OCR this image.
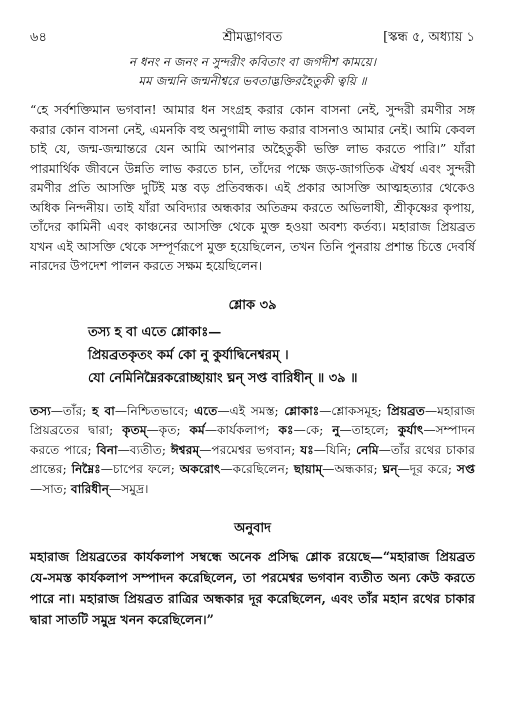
৬৪	শ্রীমদ্ভাগবত	[স্কন্ধ ৫, অধ্যায় ১
ন ধনং ন জনং ন সুন্দরীং কবিতাং বা জগদীশ কাময়ে।
মম জন্মনি জন্মনীশ্বরে ভবতাদ্ভক্তিরহৈতুকী ত্বয়ি ॥
“হে সর্বশক্তিমান ভগবান! আমার ধন সংগ্রহ করার কোন বাসনা নেই, সুন্দরী রমণীর সঙ্গ করার কোন বাসনা নেই, এমনকি বহু অনুগামী লাভ করার বাসনাও আমার নেই। আমি কেবল চাই যে, জন্ম-জন্মান্তরে যেন আমি আপনার অহৈতুকী ভক্তি লাভ করতে পারি।” যাঁরা পারমার্থিক জীবনে উন্নতি লাভ করতে চান, তাঁদের পক্ষে জড়-জাগতিক ঐশ্বর্য এবং সুন্দরী রমণীর প্রতি আসক্তি দুটিই মস্ত বড় প্রতিবন্ধক। এই প্রকার আসক্তি আত্মহত্যার থেকেও অধিক নিন্দনীয়। তাই যাঁরা অবিদ্যার অন্ধকার অতিক্রম করতে অভিলাষী, শ্রীকৃষ্ণের কৃপায়, তাঁদের কামিনী এবং কাঞ্চনের আসক্তি থেকে মুক্ত হওয়া অবশ্য কর্তব্য। মহারাজ প্রিয়ব্রত যখন এই আসক্তি থেকে সম্পূর্ণরূপে মুক্ত হয়েছিলেন, তখন তিনি পুনরায় প্রশান্ত চিত্তে দেবর্ষি নারদের উপদেশ পালন করতে সক্ষম হয়েছিলেন।
শ্লোক ৩৯
তস্য হ বা এতে শ্লোকাঃ—
প্রিয়ব্রতকৃতং কর্ম কো নু কুর্যাদ্বিনেশ্বরম্‌ ।
যো নেমিনিম্নৈরকরোচ্ছায়াং ঘ্নন্ সপ্ত বারিধীন্ ॥ ৩৯ ॥
তস্য—তাঁর; হ বা—নিশ্চিতভাবে; এতে—এই সমস্ত; শ্লোকাঃ—শ্লোকসমূহ; প্রিয়ব্রত—মহারাজ প্রিয়ব্রতের দ্বারা; কৃতম্—কৃত; কর্ম—কার্যকলাপ; কঃ—কে; নু—তাহলে; কুর্যাৎ—সম্পাদন করতে পারে; বিনা—ব্যতীত; ঈশ্বরম্—পরমেশ্বর ভগবান; যঃ—যিনি; নেমি—তাঁর রথের চাকার প্রান্তের; নিম্নৈঃ—চাপের ফলে; অকরোৎ—করেছিলেন; ছায়াম্—অন্ধকার; ঘ্নন্—দূর করে; সপ্ত—সাত; বারিধীন্—সমুদ্র।
অনুবাদ
মহারাজ প্রিয়ব্রতের কার্যকলাপ সম্বন্ধে অনেক প্রসিদ্ধ শ্লোক রয়েছে—“মহারাজ প্রিয়ব্রত যে-সমস্ত কার্যকলাপ সম্পাদন করেছিলেন, তা পরমেশ্বর ভগবান ব্যতীত অন্য কেউ করতে পারে না। মহারাজ প্রিয়ব্রত রাত্রির অন্ধকার দূর করেছিলেন, এবং তাঁর মহান রথের চাকার দ্বারা সাতটি সমুদ্র খনন করেছিলেন।”
